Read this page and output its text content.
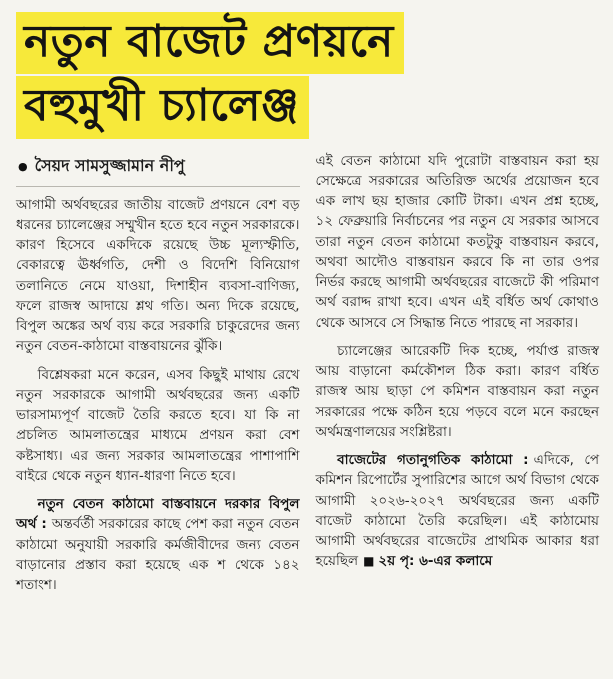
নতুন বাজেট প্রণয়নে
বহুমুখী চ্যালেঞ্জ
● সৈয়দ সামসুজ্জামান নীপু

আগামী অর্থবছরের জাতীয় বাজেট প্রণয়নে বেশ বড় ধরনের চ্যালেঞ্জের সম্মুখীন হতে হবে নতুন সরকারকে। কারণ হিসেবে একদিকে রয়েছে উচ্চ মূল্যস্ফীতি, বেকারত্বে ঊর্ধ্বগতি, দেশী ও বিদেশি বিনিয়োগ তলানিতে নেমে যাওয়া, দিশাহীন ব্যবসা-বাণিজ্য, ফলে রাজস্ব আদায়ে শ্লথ গতি। অন্য দিকে রয়েছে, বিপুল অঙ্কের অর্থ ব্যয় করে সরকারি চাকুরেদের জন্য নতুন বেতন-কাঠামো বাস্তবায়নের ঝুঁকি।

বিশ্লেষকরা মনে করেন, এসব কিছুই মাথায় রেখে নতুন সরকারকে আগামী অর্থবছরের জন্য একটি ভারসাম্যপূর্ণ বাজেট তৈরি করতে হবে। যা কি না প্রচলিত আমলাতন্ত্রের মাধ্যমে প্রণয়ন করা বেশ কষ্টসাধ্য। এর জন্য সরকার আমলাতন্ত্রের পাশাপাশি বাইরে থেকে নতুন ধ্যান-ধারণা নিতে হবে।

নতুন বেতন কাঠামো বাস্তবায়নে দরকার বিপুল অর্থ : অন্তর্বর্তী সরকারের কাছে পেশ করা নতুন বেতন কাঠামো অনুযায়ী সরকারি কর্মজীবীদের জন্য বেতন বাড়ানোর প্রস্তাব করা হয়েছে এক শ থেকে ১৪২ শতাংশ।

এই বেতন কাঠামো যদি পুরোটা বাস্তবায়ন করা হয় সেক্ষেত্রে সরকারের অতিরিক্ত অর্থের প্রয়োজন হবে এক লাখ ছয় হাজার কোটি টাকা। এখন প্রশ্ন হচ্ছে, ১২ ফেব্রুয়ারি নির্বাচনের পর নতুন যে সরকার আসবে তারা নতুন বেতন কাঠামো কতটুকু বাস্তবায়ন করবে, অথবা আদৌও বাস্তবায়ন করবে কি না তার ওপর নির্ভর করছে আগামী অর্থবছরের বাজেটে কী পরিমাণ অর্থ বরাদ্দ রাখা হবে। এখন এই বর্ধিত অর্থ কোথাও থেকে আসবে সে সিদ্ধান্ত নিতে পারছে না সরকার।

চ্যালেঞ্জের আরেকটি দিক হচ্ছে, পর্যাপ্ত রাজস্ব আয় বাড়ানো কর্মকৌশল ঠিক করা। কারণ বর্ধিত রাজস্ব আয় ছাড়া পে কমিশন বাস্তবায়ন করা নতুন সরকারের পক্ষে কঠিন হয়ে পড়বে বলে মনে করছেন অর্থমন্ত্রণালয়ের সংশ্লিষ্টরা।

বাজেটের গতানুগতিক কাঠামো : এদিকে, পে কমিশন রিপোর্টের সুপারিশের আগে অর্থ বিভাগ থেকে আগামী ২০২৬-২০২৭ অর্থবছরের জন্য একটি বাজেট কাঠামো তৈরি করেছিল। এই কাঠামোয় আগামী অর্থবছরের বাজেটের প্রাথমিক আকার ধরা হয়েছিল ■ ২য় পৃ: ৬-এর কলামে
